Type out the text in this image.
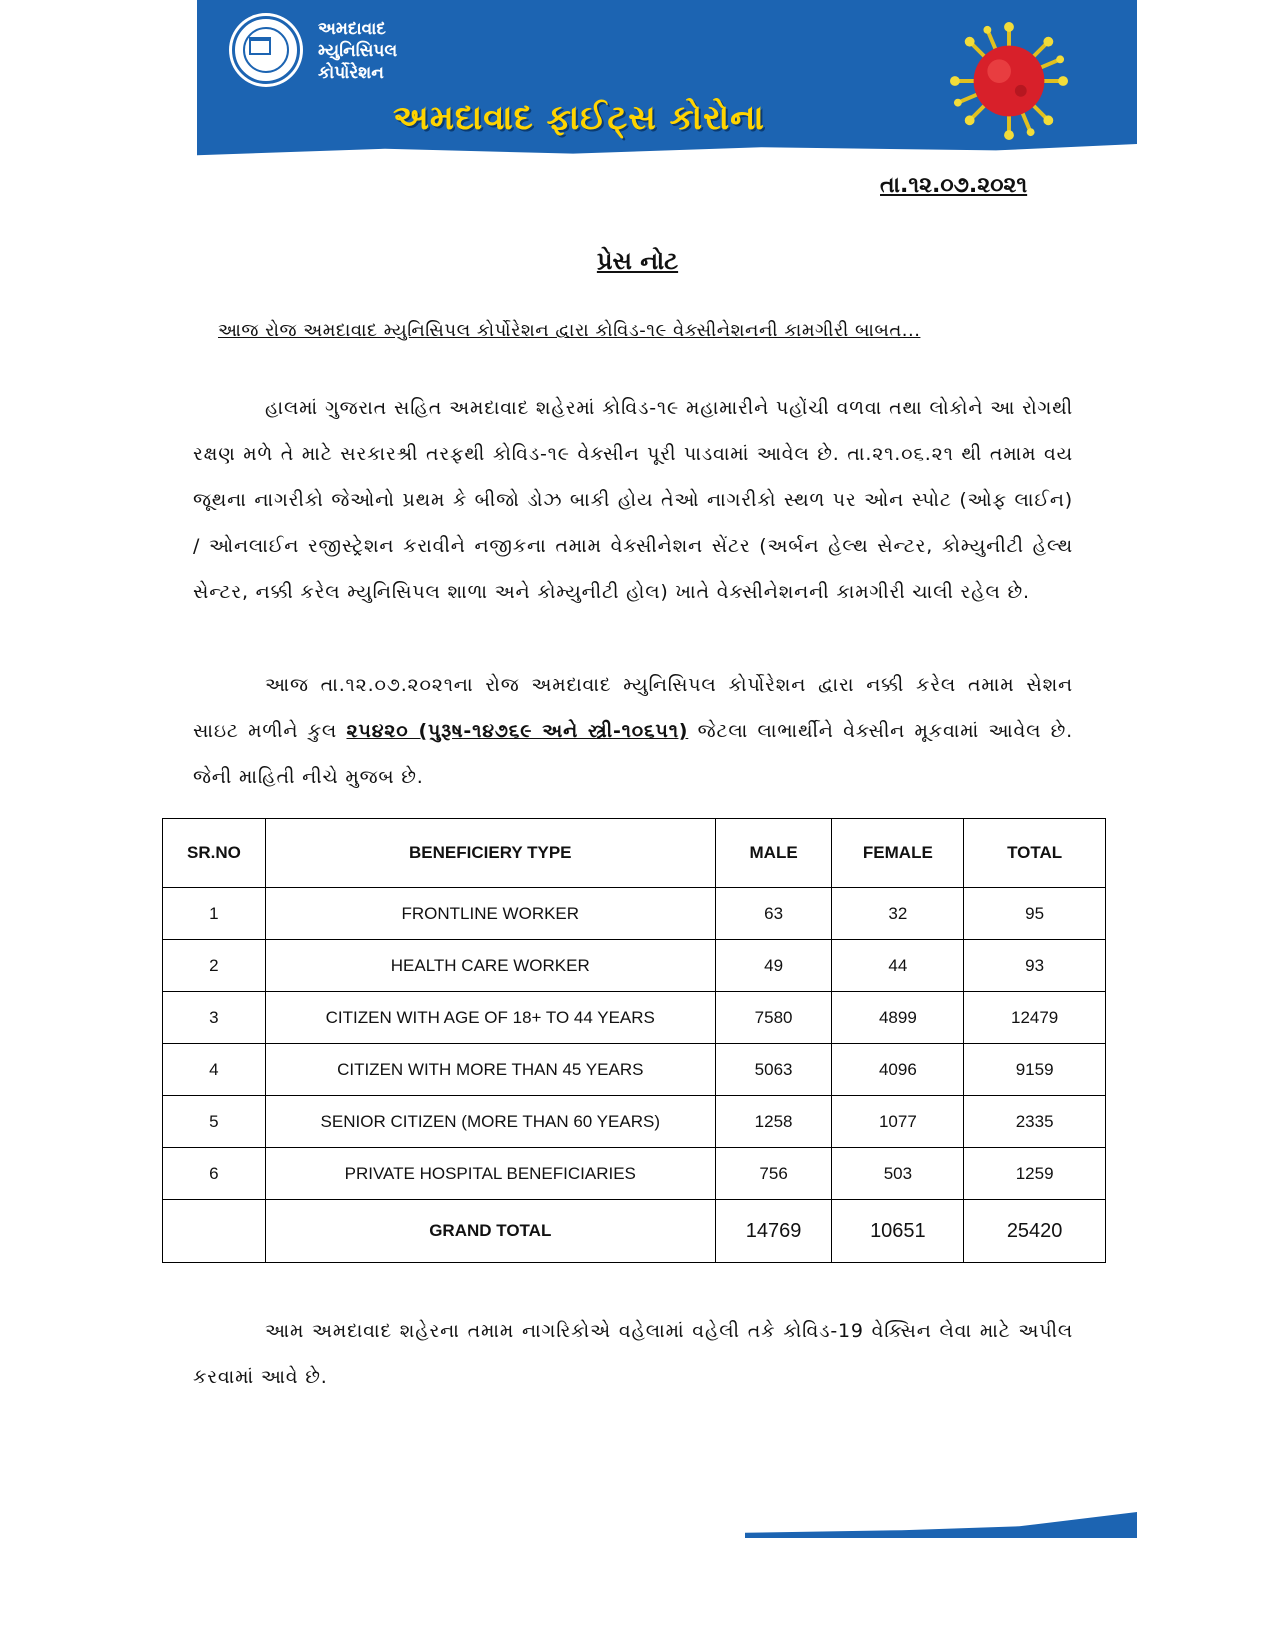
અમદાવાદ
મ્યુનિસિપલ
કોર્પોરેશન
અમદાવાદ ફાઈટ્સ કોરોના
તા.૧૨.૦૭.૨૦૨૧
પ્રેસ નોટ
આજ રોજ અમદાવાદ મ્યુનિસિપલ કોર્પોરેશન દ્વારા કોવિડ-૧૯ વેક્સીનેશનની કામગીરી બાબત...
હાલમાં ગુજરાત સહિત અમદાવાદ શહેરમાં કોવિડ-૧૯ મહામારીને પહોંચી વળવા તથા લોકોને આ રોગથી રક્ષણ મળે તે માટે સરકારશ્રી તરફથી કોવિડ-૧૯ વેક્સીન પૂરી પાડવામાં આવેલ છે. તા.૨૧.૦૬.૨૧ થી તમામ વય જૂથના નાગરીકો જેઓનો પ્રથમ કે બીજો ડોઝ બાકી હોય તેઓ નાગરીકો સ્થળ પર ઓન સ્પોટ (ઓફ લાઈન) / ઓનલાઈન રજીસ્ટ્રેશન કરાવીને નજીકના તમામ વેક્સીનેશન સેંટર (અર્બન હેલ્થ સેન્ટર, કોમ્યુનીટી હેલ્થ સેન્ટર, નક્કી કરેલ મ્યુનિસિપલ શાળા અને કોમ્યુનીટી હોલ) ખાતે વેક્સીનેશનની કામગીરી ચાલી રહેલ છે.
આજ તા.૧૨.૦૭.૨૦૨૧ના રોજ અમદાવાદ મ્યુનિસિપલ કોર્પોરેશન દ્વારા નક્કી કરેલ તમામ સેશન સાઇટ મળીને કુલ ૨૫૪૨૦ (પુરૂષ-૧૪૭૬૯ અને સ્ત્રી-૧૦૬૫૧) જેટલા લાભાર્થીને વેક્સીન મૂકવામાં આવેલ છે. જેની માહિતી નીચે મુજબ છે.
SR.NO	BENEFICIERY TYPE	MALE	FEMALE	TOTAL
1	FRONTLINE WORKER	63	32	95
2	HEALTH CARE WORKER	49	44	93
3	CITIZEN WITH AGE OF 18+ TO 44 YEARS	7580	4899	12479
4	CITIZEN WITH MORE THAN 45 YEARS	5063	4096	9159
5	SENIOR CITIZEN (MORE THAN 60 YEARS)	1258	1077	2335
6	PRIVATE HOSPITAL BENEFICIARIES	756	503	1259
	GRAND TOTAL	14769	10651	25420
આમ અમદાવાદ શહેરના તમામ નાગરિકોએ વહેલામાં વહેલી તકે કોવિડ-19 વેક્સિન લેવા માટે અપીલ કરવામાં આવે છે.
